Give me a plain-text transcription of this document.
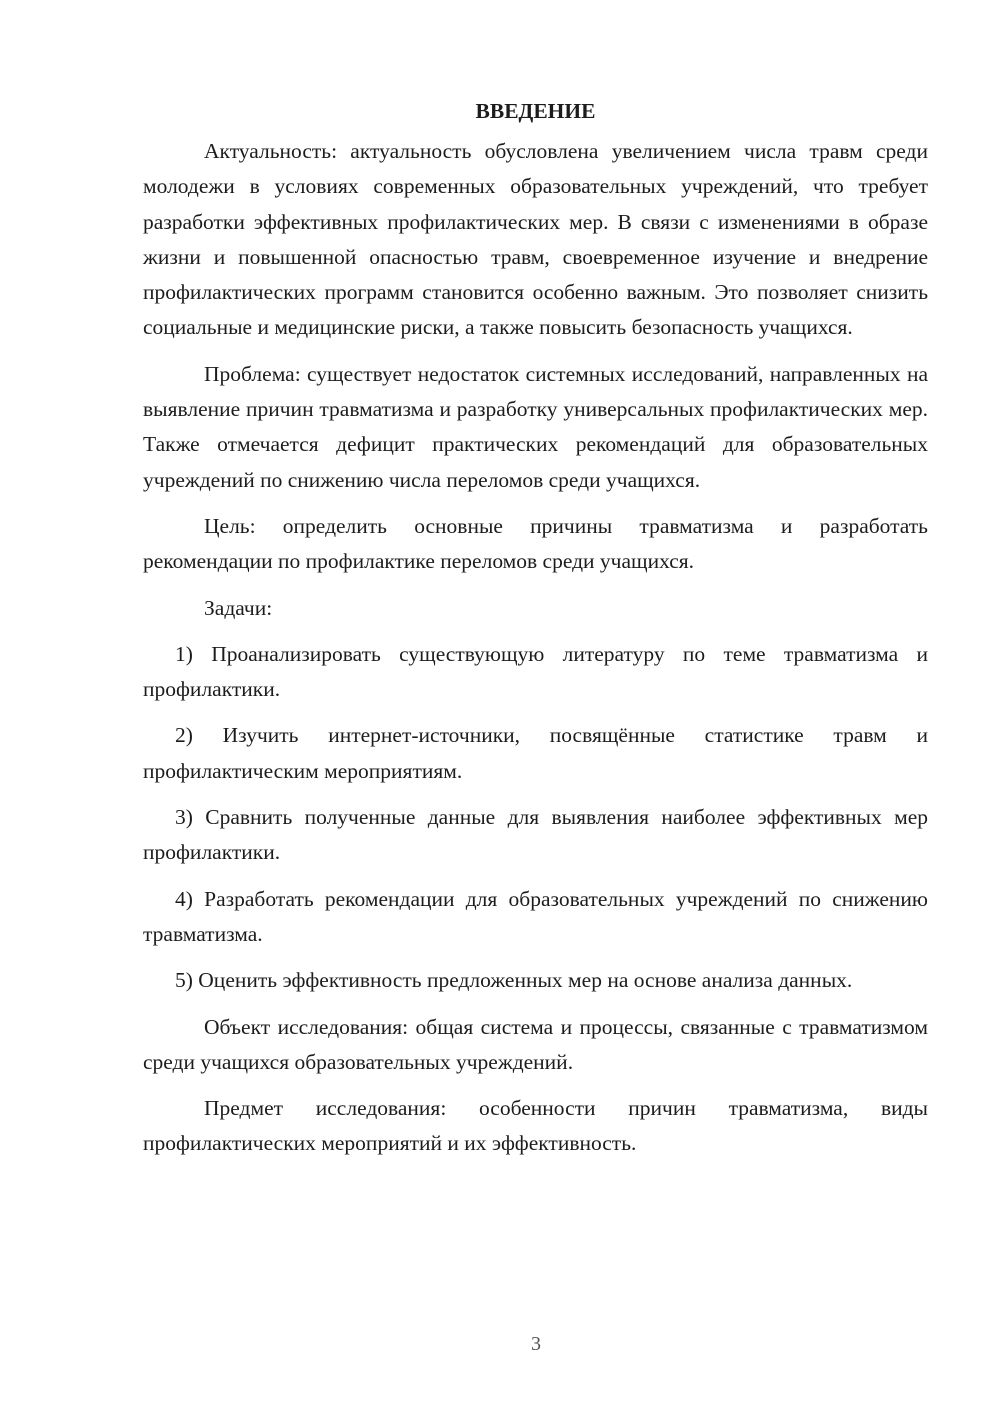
ВВЕДЕНИЕ

Актуальность: актуальность обусловлена увеличением числа травм среди молодежи в условиях современных образовательных учреждений, что требует разработки эффективных профилактических мер. В связи с изменениями в образе жизни и повышенной опасностью травм, своевременное изучение и внедрение профилактических программ становится особенно важным. Это позволяет снизить социальные и медицинские риски, а также повысить безопасность учащихся.

Проблема: существует недостаток системных исследований, направленных на выявление причин травматизма и разработку универсальных профилактических мер. Также отмечается дефицит практических рекомендаций для образовательных учреждений по снижению числа переломов среди учащихся.

Цель: определить основные причины травматизма и разработать рекомендации по профилактике переломов среди учащихся.

Задачи:

1) Проанализировать существующую литературу по теме травматизма и профилактики.

2) Изучить интернет-источники, посвящённые статистике травм и профилактическим мероприятиям.

3) Сравнить полученные данные для выявления наиболее эффективных мер профилактики.

4) Разработать рекомендации для образовательных учреждений по снижению травматизма.

5) Оценить эффективность предложенных мер на основе анализа данных.

Объект исследования: общая система и процессы, связанные с травматизмом среди учащихся образовательных учреждений.

Предмет исследования: особенности причин травматизма, виды профилактических мероприятий и их эффективность.

3
